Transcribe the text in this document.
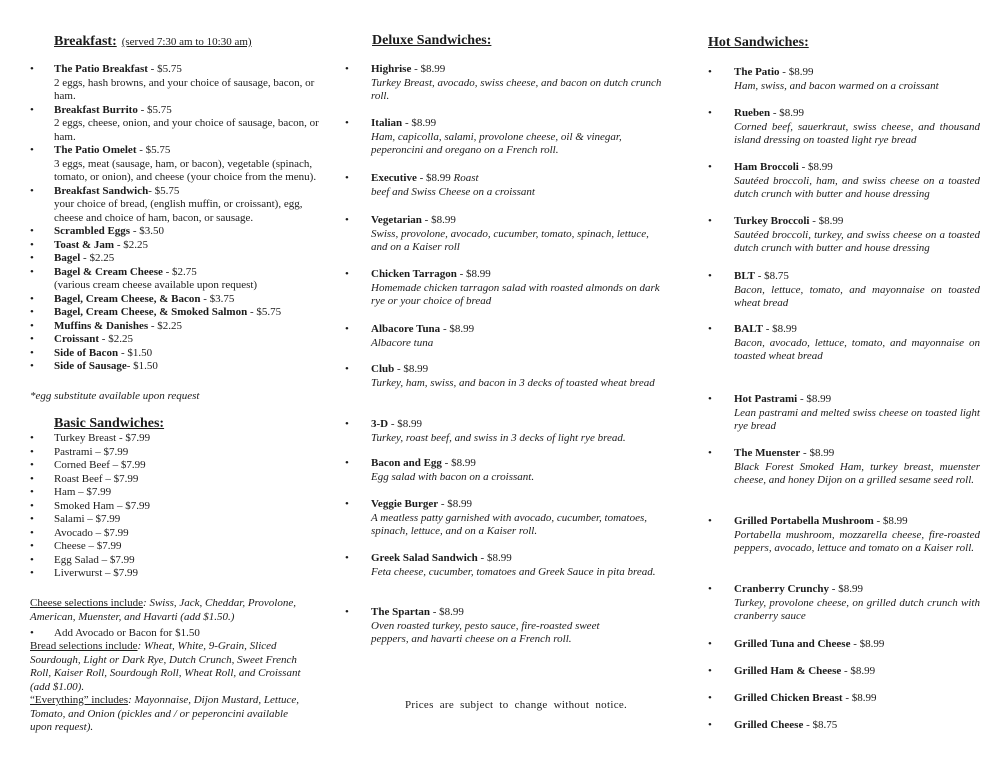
Breakfast: (served 7:30 am to 10:30 am)
• The Patio Breakfast - $5.75
2 eggs, hash browns, and your choice of sausage, bacon, or ham.
• Breakfast Burrito - $5.75
2 eggs, cheese, onion, and your choice of sausage, bacon, or ham.
• The Patio Omelet - $5.75
3 eggs, meat (sausage, ham, or bacon), vegetable (spinach, tomato, or onion), and cheese (your choice from the menu).
• Breakfast Sandwich- $5.75
your choice of bread, (english muffin, or croissant), egg, cheese and choice of ham, bacon, or sausage.
• Scrambled Eggs - $3.50
• Toast & Jam - $2.25
• Bagel - $2.25
• Bagel & Cream Cheese - $2.75
(various cream cheese available upon request)
• Bagel, Cream Cheese, & Bacon - $3.75
• Bagel, Cream Cheese, & Smoked Salmon - $5.75
• Muffins & Danishes - $2.25
• Croissant - $2.25
• Side of Bacon - $1.50
• Side of Sausage- $1.50
*egg substitute available upon request
Basic Sandwiches:
• Turkey Breast - $7.99
• Pastrami – $7.99
• Corned Beef – $7.99
• Roast Beef – $7.99
• Ham – $7.99
• Smoked Ham – $7.99
• Salami – $7.99
• Avocado – $7.99
• Cheese – $7.99
• Egg Salad – $7.99
• Liverwurst – $7.99
Cheese selections include: Swiss, Jack, Cheddar, Provolone, American, Muenster, and Havarti (add $1.50.)
• Add Avocado or Bacon for $1.50
Bread selections include: Wheat, White, 9-Grain, Sliced Sourdough, Light or Dark Rye, Dutch Crunch, Sweet French Roll, Kaiser Roll, Sourdough Roll, Wheat Roll, and Croissant (add $1.00).
“Everything” includes: Mayonnaise, Dijon Mustard, Lettuce, Tomato, and Onion (pickles and / or peperoncini available upon request).
Deluxe Sandwiches:
• Highrise - $8.99
Turkey Breast, avocado, swiss cheese, and bacon on dutch crunch roll.
• Italian - $8.99
Ham, capicolla, salami, provolone cheese, oil & vinegar, peperoncini and oregano on a French roll.
• Executive - $8.99 Roast
beef and Swiss Cheese on a croissant
• Vegetarian - $8.99
Swiss, provolone, avocado, cucumber, tomato, spinach, lettuce, and on a Kaiser roll
• Chicken Tarragon - $8.99
Homemade chicken tarragon salad with roasted almonds on dark rye or your choice of bread
• Albacore Tuna - $8.99
Albacore tuna
• Club - $8.99
Turkey, ham, swiss, and bacon in 3 decks of toasted wheat bread
• 3-D - $8.99
Turkey, roast beef, and swiss in 3 decks of light rye bread.
• Bacon and Egg - $8.99
Egg salad with bacon on a croissant.
• Veggie Burger - $8.99
A meatless patty garnished with avocado, cucumber, tomatoes, spinach, lettuce, and on a Kaiser roll.
• Greek Salad Sandwich - $8.99
Feta cheese, cucumber, tomatoes and Greek Sauce in pita bread.
• The Spartan - $8.99
Oven roasted turkey, pesto sauce, fire-roasted sweet peppers, and havarti cheese on a French roll.
Prices are subject to change without notice.
Hot Sandwiches:
• The Patio - $8.99
Ham, swiss, and bacon warmed on a croissant
• Rueben - $8.99
Corned beef, sauerkraut, swiss cheese, and thousand island dressing on toasted light rye bread
• Ham Broccoli - $8.99
Sautéed broccoli, ham, and swiss cheese on a toasted dutch crunch with butter and house dressing
• Turkey Broccoli - $8.99
Sautéed broccoli, turkey, and swiss cheese on a toasted dutch crunch with butter and house dressing
• BLT - $8.75
Bacon, lettuce, tomato, and mayonnaise on toasted wheat bread
• BALT - $8.99
Bacon, avocado, lettuce, tomato, and mayonnaise on toasted wheat bread
• Hot Pastrami - $8.99
Lean pastrami and melted swiss cheese on toasted light rye bread
• The Muenster - $8.99
Black Forest Smoked Ham, turkey breast, muenster cheese, and honey Dijon on a grilled sesame seed roll.
• Grilled Portabella Mushroom - $8.99
Portabella mushroom, mozzarella cheese, fire-roasted peppers, avocado, lettuce and tomato on a Kaiser roll.
• Cranberry Crunchy - $8.99
Turkey, provolone cheese, on grilled dutch crunch with cranberry sauce
• Grilled Tuna and Cheese - $8.99
• Grilled Ham & Cheese - $8.99
• Grilled Chicken Breast - $8.99
• Grilled Cheese - $8.75
